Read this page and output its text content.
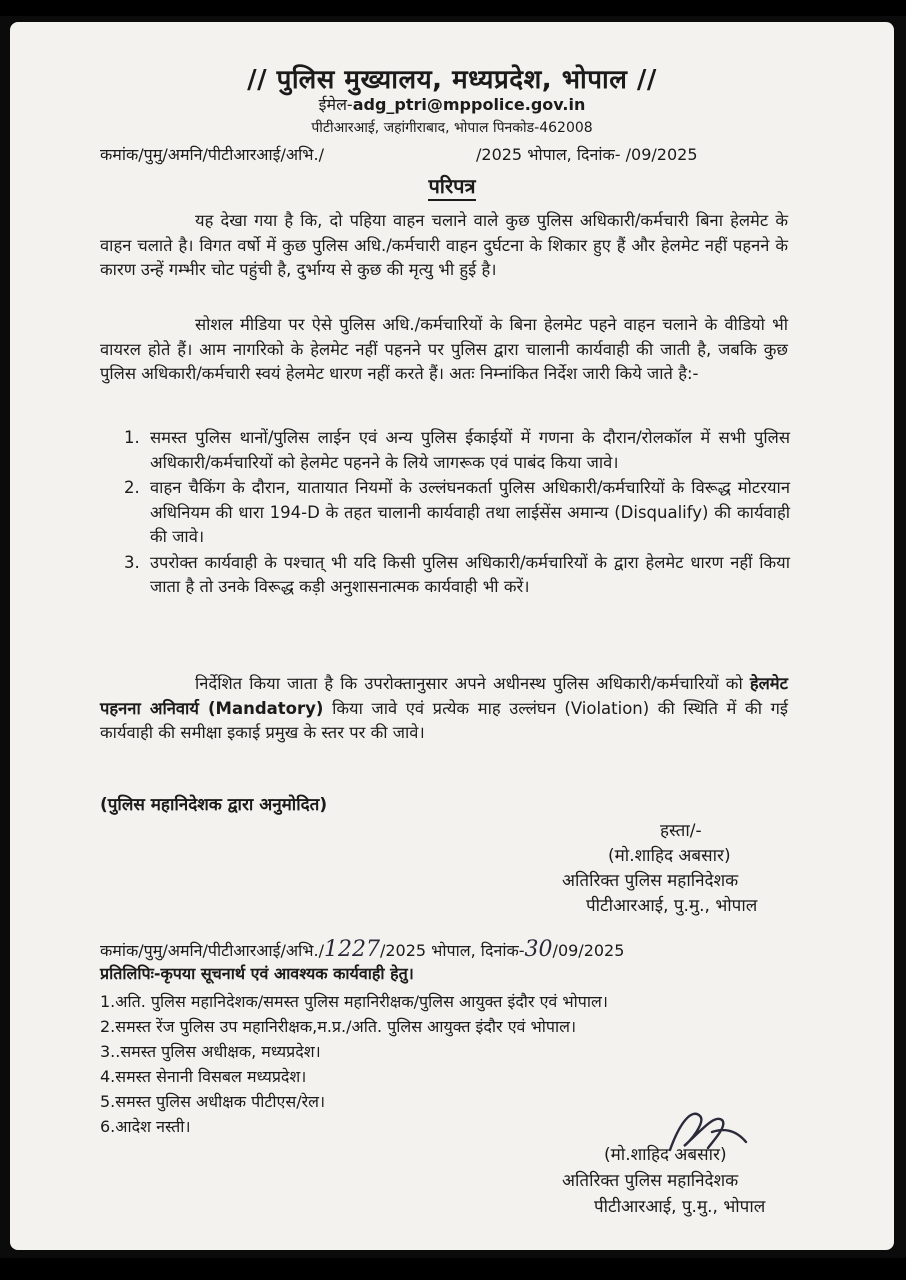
// पुलिस मुख्यालय, मध्यप्रदेश, भोपाल //
ईमेल-adg_ptri@mppolice.gov.in
पीटीआरआई, जहांगीराबाद, भोपाल पिनकोड-462008
कमांक/पुमु/अमनि/पीटीआरआई/अभि./	/2025 भोपाल, दिनांक- /09/2025
परिपत्र
यह देखा गया है कि, दो पहिया वाहन चलाने वाले कुछ पुलिस अधिकारी/कर्मचारी बिना हेलमेट के वाहन चलाते है। विगत वर्षो में कुछ पुलिस अधि./कर्मचारी वाहन दुर्घटना के शिकार हुए हैं और हेलमेट नहीं पहनने के कारण उन्हें गम्भीर चोट पहुंची है, दुर्भाग्य से कुछ की मृत्यु भी हुई है।
सोशल मीडिया पर ऐसे पुलिस अधि./कर्मचारियों के बिना हेलमेट पहने वाहन चलाने के वीडियो भी वायरल होते हैं। आम नागरिको के हेलमेट नहीं पहनने पर पुलिस द्वारा चालानी कार्यवाही की जाती है, जबकि कुछ पुलिस अधिकारी/कर्मचारी स्वयं हेलमेट धारण नहीं करते हैं। अतः निम्नांकित निर्देश जारी किये जाते है:-
1. समस्त पुलिस थानों/पुलिस लाईन एवं अन्य पुलिस ईकाईयों में गणना के दौरान/रोलकॉल में सभी पुलिस अधिकारी/कर्मचारियों को हेलमेट पहनने के लिये जागरूक एवं पाबंद किया जावे।
2. वाहन चैकिंग के दौरान, यातायात नियमों के उल्लंघनकर्ता पुलिस अधिकारी/कर्मचारियों के विरूद्ध मोटरयान अधिनियम की धारा 194-D के तहत चालानी कार्यवाही तथा लाईसेंस अमान्य (Disqualify) की कार्यवाही की जावे।
3. उपरोक्त कार्यवाही के पश्चात् भी यदि किसी पुलिस अधिकारी/कर्मचारियों के द्वारा हेलमेट धारण नहीं किया जाता है तो उनके विरूद्ध कड़ी अनुशासनात्मक कार्यवाही भी करें।
निर्देशित किया जाता है कि उपरोक्तानुसार अपने अधीनस्थ पुलिस अधिकारी/कर्मचारियों को हेलमेट पहनना अनिवार्य (Mandatory) किया जावे एवं प्रत्येक माह उल्लंघन (Violation) की स्थिति में की गई कार्यवाही की समीक्षा इकाई प्रमुख के स्तर पर की जावे।
(पुलिस महानिदेशक द्वारा अनुमोदित)
हस्ता/-
(मो.शाहिद अबसार)
अतिरिक्त पुलिस महानिदेशक
पीटीआरआई, पु.मु., भोपाल
कमांक/पुमु/अमनि/पीटीआरआई/अभि./1227/2025 भोपाल, दिनांक-30/09/2025
प्रतिलिपिः-कृपया सूचनार्थ एवं आवश्यक कार्यवाही हेतु।
1.अति. पुलिस महानिदेशक/समस्त पुलिस महानिरीक्षक/पुलिस आयुक्त इंदौर एवं भोपाल।
2.समस्त रेंज पुलिस उप महानिरीक्षक,म.प्र./अति. पुलिस आयुक्त इंदौर एवं भोपाल।
3..समस्त पुलिस अधीक्षक, मध्यप्रदेश।
4.समस्त सेनानी विसबल मध्यप्रदेश।
5.समस्त पुलिस अधीक्षक पीटीएस/रेल।
6.आदेश नस्ती।
(मो.शाहिद अबसार)
अतिरिक्त पुलिस महानिदेशक
पीटीआरआई, पु.मु., भोपाल
